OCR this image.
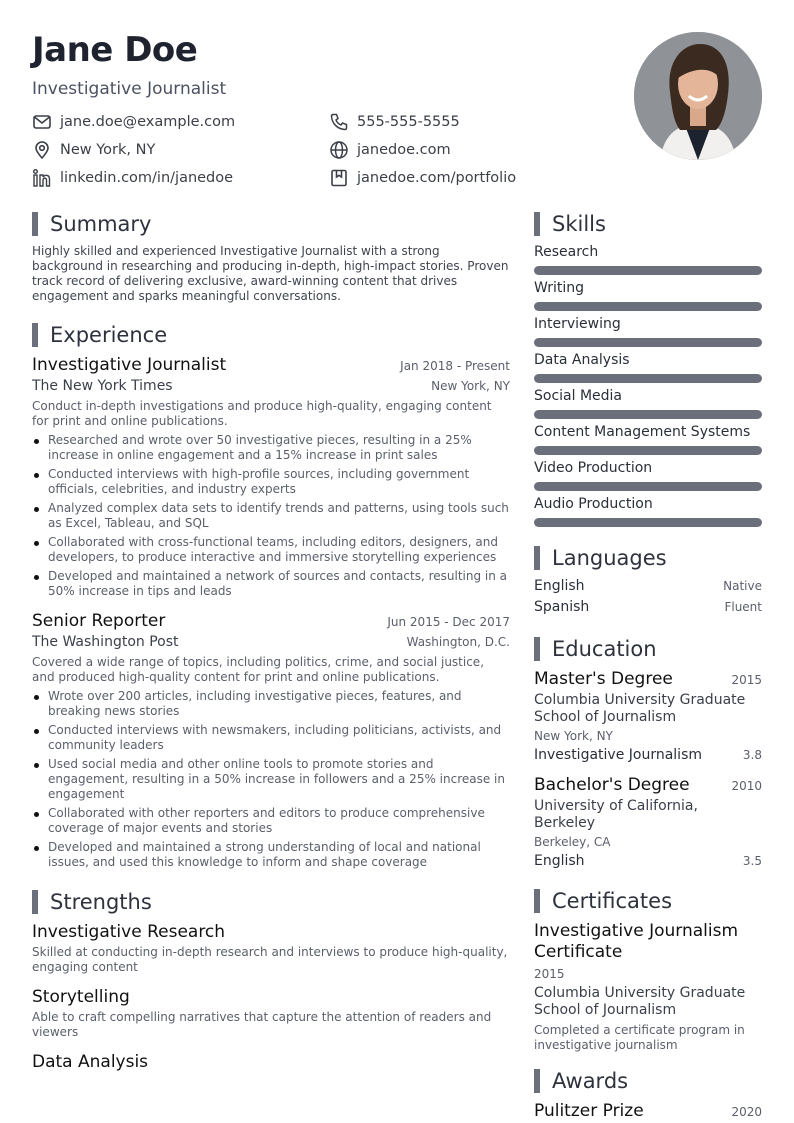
Jane Doe
Investigative Journalist
jane.doe@example.com	555-555-5555
New York, NY	janedoe.com
linkedin.com/in/janedoe	janedoe.com/portfolio
Summary
Highly skilled and experienced Investigative Journalist with a strong background in researching and producing in-depth, high-impact stories. Proven track record of delivering exclusive, award-winning content that drives engagement and sparks meaningful conversations.
Experience
Investigative Journalist	Jan 2018 - Present
The New York Times	New York, NY
Conduct in-depth investigations and produce high-quality, engaging content for print and online publications.
Researched and wrote over 50 investigative pieces, resulting in a 25% increase in online engagement and a 15% increase in print sales
Conducted interviews with high-profile sources, including government officials, celebrities, and industry experts
Analyzed complex data sets to identify trends and patterns, using tools such as Excel, Tableau, and SQL
Collaborated with cross-functional teams, including editors, designers, and developers, to produce interactive and immersive storytelling experiences
Developed and maintained a network of sources and contacts, resulting in a 50% increase in tips and leads
Senior Reporter	Jun 2015 - Dec 2017
The Washington Post	Washington, D.C.
Covered a wide range of topics, including politics, crime, and social justice, and produced high-quality content for print and online publications.
Wrote over 200 articles, including investigative pieces, features, and breaking news stories
Conducted interviews with newsmakers, including politicians, activists, and community leaders
Used social media and other online tools to promote stories and engagement, resulting in a 50% increase in followers and a 25% increase in engagement
Collaborated with other reporters and editors to produce comprehensive coverage of major events and stories
Developed and maintained a strong understanding of local and national issues, and used this knowledge to inform and shape coverage
Strengths
Investigative Research
Skilled at conducting in-depth research and interviews to produce high-quality, engaging content
Storytelling
Able to craft compelling narratives that capture the attention of readers and viewers
Data Analysis
Skills
Research
Writing
Interviewing
Data Analysis
Social Media
Content Management Systems
Video Production
Audio Production
Languages
English	Native
Spanish	Fluent
Education
Master's Degree	2015
Columbia University Graduate School of Journalism
New York, NY
Investigative Journalism	3.8
Bachelor's Degree	2010
University of California, Berkeley
Berkeley, CA
English	3.5
Certificates
Investigative Journalism Certificate
2015
Columbia University Graduate School of Journalism
Completed a certificate program in investigative journalism
Awards
Pulitzer Prize	2020
